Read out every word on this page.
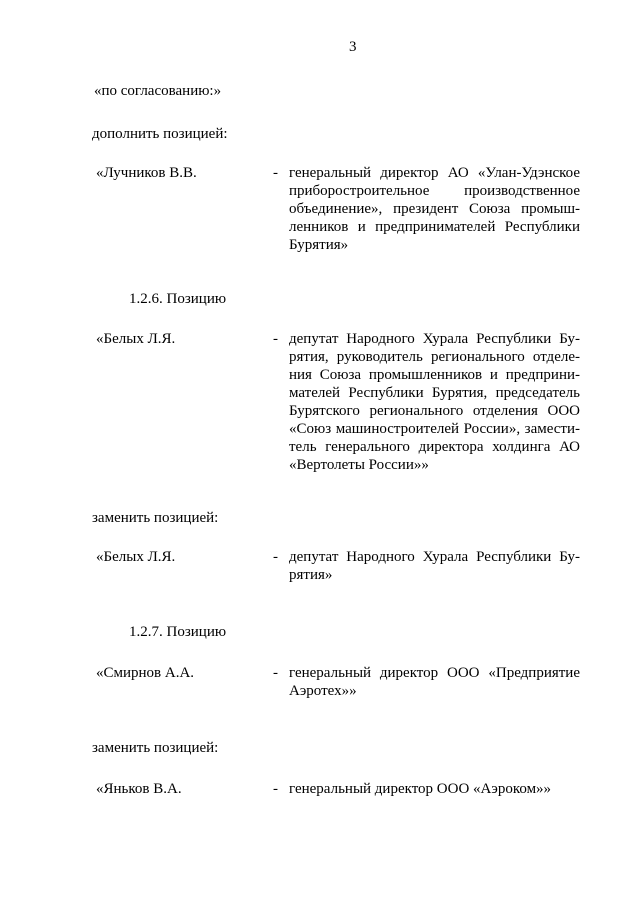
3
«по согласованию:»
дополнить позицией:
«Лучников В.В.	- генеральный директор АО «Улан-Удэнское
приборостроительное производственное
объединение», президент Союза промыш-
ленников и предпринимателей Республики
Бурятия»
1.2.6. Позицию
«Белых Л.Я.	- депутат Народного Хурала Республики Бу-
рятия, руководитель регионального отделе-
ния Союза промышленников и предприни-
мателей Республики Бурятия, председатель
Бурятского регионального отделения ООО
«Союз машиностроителей России», замести-
тель генерального директора холдинга АО
«Вертолеты России»»
заменить позицией:
«Белых Л.Я.	- депутат Народного Хурала Республики Бу-
рятия»
1.2.7. Позицию
«Смирнов А.А.	- генеральный директор ООО «Предприятие
Аэротех»»
заменить позицией:
«Яньков В.А.	- генеральный директор ООО «Аэроком»»
